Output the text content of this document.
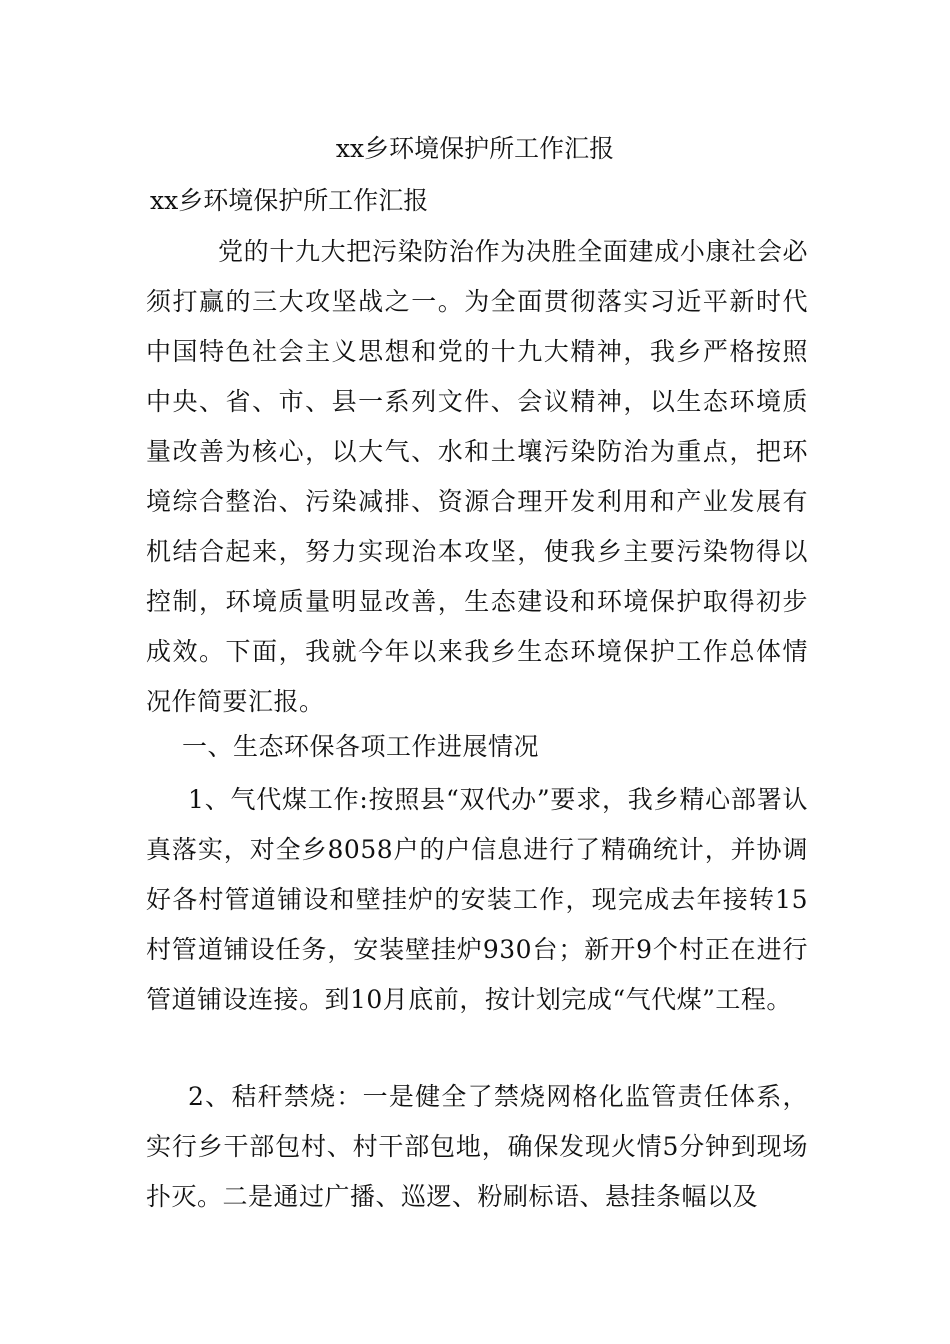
xx乡环境保护所工作汇报
xx乡环境保护所工作汇报

党的十九大把污染防治作为决胜全面建成小康社会必须打赢的三大攻坚战之一。为全面贯彻落实习近平新时代中国特色社会主义思想和党的十九大精神，我乡严格按照中央、省、市、县一系列文件、会议精神，以生态环境质量改善为核心，以大气、水和土壤污染防治为重点，把环境综合整治、污染减排、资源合理开发利用和产业发展有机结合起来，努力实现治本攻坚，使我乡主要污染物得以控制，环境质量明显改善，生态建设和环境保护取得初步成效。下面，我就今年以来我乡生态环境保护工作总体情况作简要汇报。

一、生态环保各项工作进展情况

1、气代煤工作:按照县“双代办”要求，我乡精心部署认真落实，对全乡8058户的户信息进行了精确统计，并协调好各村管道铺设和壁挂炉的安装工作，现完成去年接转15村管道铺设任务，安装壁挂炉930台；新开9个村正在进行管道铺设连接。到10月底前，按计划完成“气代煤”工程。

2、秸秆禁烧：一是健全了禁烧网格化监管责任体系，实行乡干部包村、村干部包地，确保发现火情5分钟到现场扑灭。二是通过广播、巡逻、粉刷标语、悬挂条幅以及
